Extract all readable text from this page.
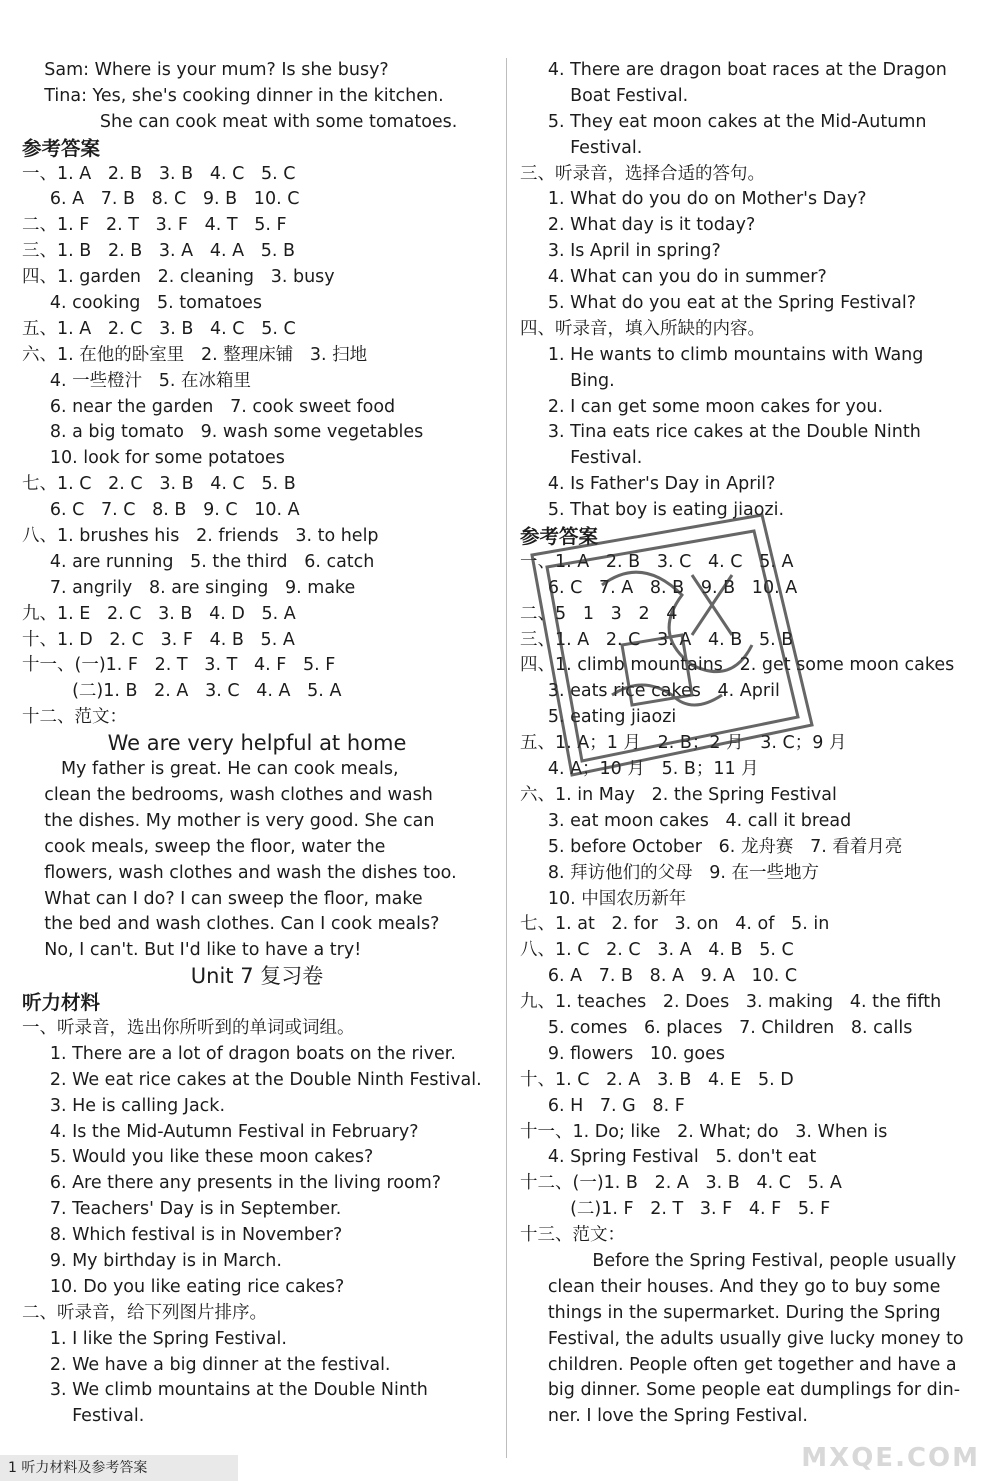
Sam: Where is your mum? Is she busy?
Tina: Yes, she's cooking dinner in the kitchen.
She can cook meat with some tomatoes.
参考答案
一、1. A   2. B   3. B   4. C   5. C
6. A   7. B   8. C   9. B   10. C
二、1. F   2. T   3. F   4. T   5. F
三、1. B   2. B   3. A   4. A   5. B
四、1. garden   2. cleaning   3. busy
4. cooking   5. tomatoes
五、1. A   2. C   3. B   4. C   5. C
六、1. 在他的卧室里   2. 整理床铺   3. 扫地
4. 一些橙汁   5. 在冰箱里
6. near the garden   7. cook sweet food
8. a big tomato   9. wash some vegetables
10. look for some potatoes
七、1. C   2. C   3. B   4. C   5. B
6. C   7. C   8. B   9. C   10. A
八、1. brushes his   2. friends   3. to help
4. are running   5. the third   6. catch
7. angrily   8. are singing   9. make
九、1. E   2. C   3. B   4. D   5. A
十、1. D   2. C   3. F   4. B   5. A
十一、(一)1. F   2. T   3. T   4. F   5. F
(二)1. B   2. A   3. C   4. A   5. A
十二、范文：
We are very helpful at home
My father is great. He can cook meals,
clean the bedrooms, wash clothes and wash
the dishes. My mother is very good. She can
cook meals, sweep the floor, water the
flowers, wash clothes and wash the dishes too.
What can I do? I can sweep the floor, make
the bed and wash clothes. Can I cook meals?
No, I can't. But I'd like to have a try!
Unit 7 复习卷
听力材料
一、听录音，选出你所听到的单词或词组。
1. There are a lot of dragon boats on the river.
2. We eat rice cakes at the Double Ninth Festival.
3. He is calling Jack.
4. Is the Mid-Autumn Festival in February?
5. Would you like these moon cakes?
6. Are there any presents in the living room?
7. Teachers' Day is in September.
8. Which festival is in November?
9. My birthday is in March.
10. Do you like eating rice cakes?
二、听录音，给下列图片排序。
1. I like the Spring Festival.
2. We have a big dinner at the festival.
3. We climb mountains at the Double Ninth
Festival.
4. There are dragon boat races at the Dragon
Boat Festival.
5. They eat moon cakes at the Mid-Autumn
Festival.
三、听录音，选择合适的答句。
1. What do you do on Mother's Day?
2. What day is it today?
3. Is April in spring?
4. What can you do in summer?
5. What do you eat at the Spring Festival?
四、听录音，填入所缺的内容。
1. He wants to climb mountains with Wang
Bing.
2. I can get some moon cakes for you.
3. Tina eats rice cakes at the Double Ninth
Festival.
4. Is Father's Day in April?
5. That boy is eating jiaozi.
参考答案
一、1. A   2. B   3. C   4. C   5. A
6. C   7. A   8. B   9. B   10. A
二、5   1   3   2   4
三、1. A   2. C   3. A   4. B   5. B
四、1. climb mountains   2. get some moon cakes
3. eats rice cakes   4. April
5. eating jiaozi
五、1. A；1 月   2. B；2 月   3. C；9 月
4. A；10 月   5. B；11 月
六、1. in May   2. the Spring Festival
3. eat moon cakes   4. call it bread
5. before October   6. 龙舟赛   7. 看着月亮
8. 拜访他们的父母   9. 在一些地方
10. 中国农历新年
七、1. at   2. for   3. on   4. of   5. in
八、1. C   2. C   3. A   4. B   5. C
6. A   7. B   8. A   9. A   10. C
九、1. teaches   2. Does   3. making   4. the fifth
5. comes   6. places   7. Children   8. calls
9. flowers   10. goes
十、1. C   2. A   3. B   4. E   5. D
6. H   7. G   8. F
十一、1. Do; like   2. What; do   3. When is
4. Spring Festival   5. don't eat
十二、(一)1. B   2. A   3. B   4. C   5. A
(二)1. F   2. T   3. F   4. F   5. F
十三、范文：
Before the Spring Festival, people usually
clean their houses. And they go to buy some
things in the supermarket. During the Spring
Festival, the adults usually give lucky money to
children. People often get together and have a
big dinner. Some people eat dumplings for din-
ner. I love the Spring Festival.
1 听力材料及参考答案	MXQE.COM
